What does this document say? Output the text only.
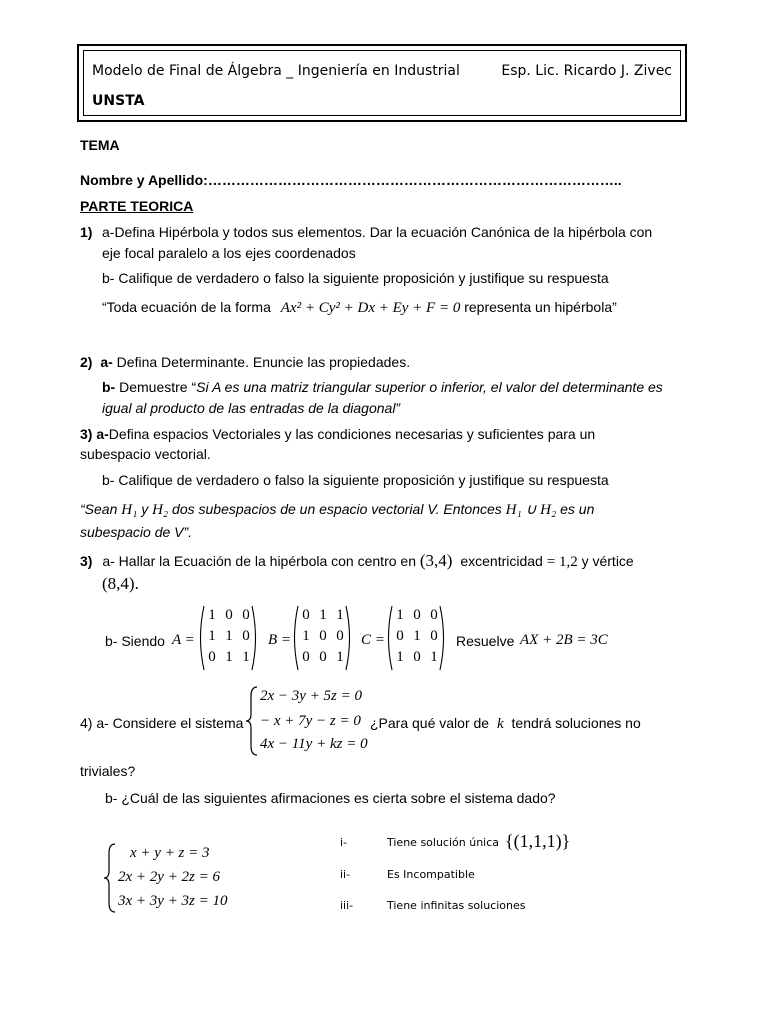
Modelo de Final de Álgebra _ Ingeniería en Industrial	Esp. Lic. Ricardo J. Zivec
UNSTA
TEMA
Nombre y Apellido:……………………………………………………………………………..
PARTE TEORICA
1) a-Defina Hipérbola y todos sus elementos. Dar la ecuación Canónica de la hipérbola con
eje focal paralelo a los ejes coordenados
b- Califique de verdadero o falso la siguiente proposición y justifique su respuesta
“Toda ecuación de la forma Ax² + Cy² + Dx + Ey + F = 0 representa un hipérbola”
2) a- Defina Determinante. Enuncie las propiedades.
b- Demuestre “Si A es una matriz triangular superior o inferior, el valor del determinante es
igual al producto de las entradas de la diagonal”
3) a-Defina espacios Vectoriales y las condiciones necesarias y suficientes para un
subespacio vectorial.
b- Califique de verdadero o falso la siguiente proposición y justifique su respuesta
“Sean H₁ y H₂ dos subespacios de un espacio vectorial V. Entonces H₁ ∪ H₂ es un
subespacio de V”.
3) a- Hallar la Ecuación de la hipérbola con centro en (3,4) excentricidad = 1,2 y vértice
(8,4).
b- Siendo A =	B =	C =	Resuelve AX + 2B = 3C
1 0 0
1 1 0
0 1 1
0 1 1
1 0 0
0 0 1
1 0 0
0 1 0
1 0 1
4) a- Considere el sistema
2x − 3y + 5z = 0
− x + 7y − z = 0
4x − 11y + kz = 0
¿Para qué valor de k tendrá soluciones no
triviales?
b- ¿Cuál de las siguientes afirmaciones es cierta sobre el sistema dado?
x + y + z = 3
2x + 2y + 2z = 6
3x + 3y + 3z = 10
i-	Tiene solución única {(1,1,1)}
ii-	Es Incompatible
iii-	Tiene infinitas soluciones
